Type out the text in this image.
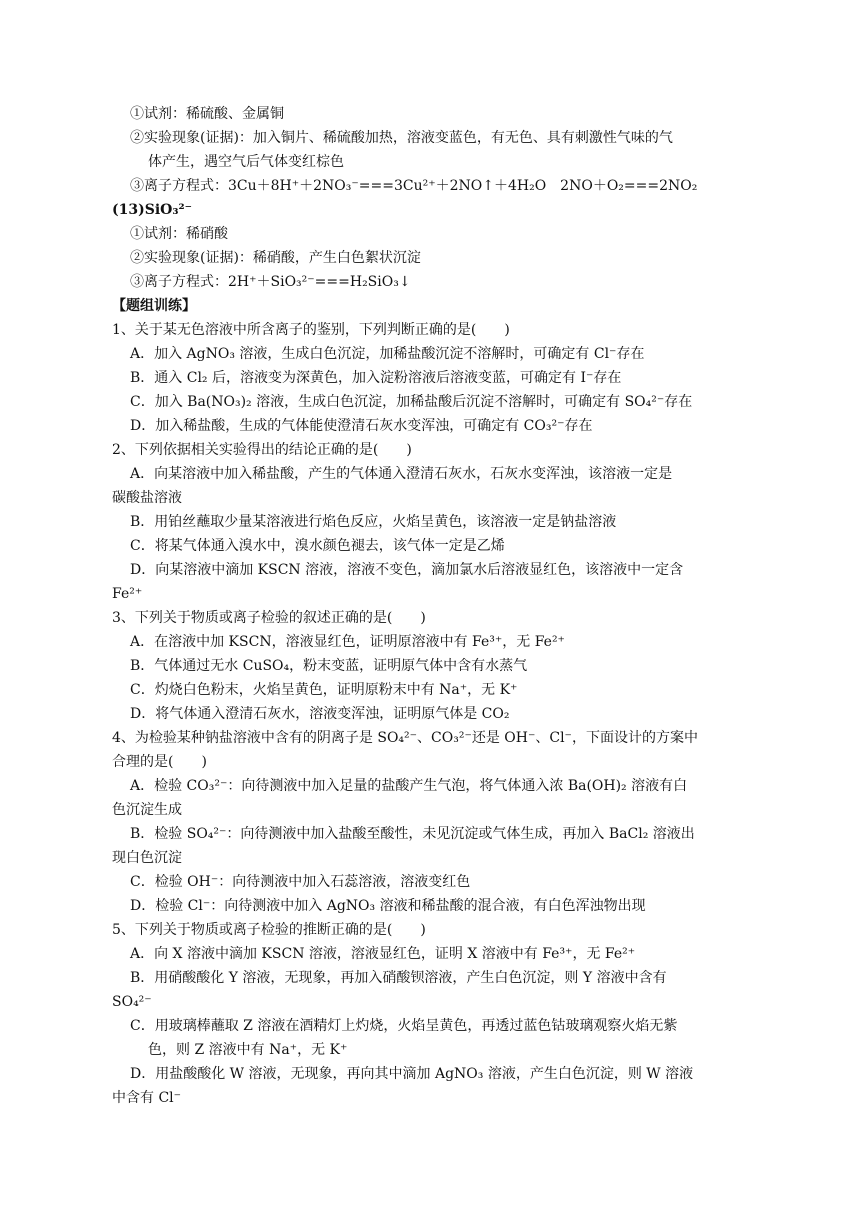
①试剂：稀硫酸、金属铜
②实验现象(证据)：加入铜片、稀硫酸加热，溶液变蓝色，有无色、具有刺激性气味的气
体产生，遇空气后气体变红棕色
③离子方程式：3Cu＋8H⁺＋2NO₃⁻===3Cu²⁺＋2NO↑＋4H₂O　2NO＋O₂===2NO₂
(13)SiO₃²⁻
①试剂：稀硝酸
②实验现象(证据)：稀硝酸，产生白色絮状沉淀
③离子方程式：2H⁺＋SiO₃²⁻===H₂SiO₃↓
【题组训练】
1、关于某无色溶液中所含离子的鉴别，下列判断正确的是(　　)
A．加入 AgNO₃ 溶液，生成白色沉淀，加稀盐酸沉淀不溶解时，可确定有 Cl⁻存在
B．通入 Cl₂ 后，溶液变为深黄色，加入淀粉溶液后溶液变蓝，可确定有 I⁻存在
C．加入 Ba(NO₃)₂ 溶液，生成白色沉淀，加稀盐酸后沉淀不溶解时，可确定有 SO₄²⁻存在
D．加入稀盐酸，生成的气体能使澄清石灰水变浑浊，可确定有 CO₃²⁻存在
2、下列依据相关实验得出的结论正确的是(　　)
A．向某溶液中加入稀盐酸，产生的气体通入澄清石灰水，石灰水变浑浊，该溶液一定是
碳酸盐溶液
B．用铂丝蘸取少量某溶液进行焰色反应，火焰呈黄色，该溶液一定是钠盐溶液
C．将某气体通入溴水中，溴水颜色褪去，该气体一定是乙烯
D．向某溶液中滴加 KSCN 溶液，溶液不变色，滴加氯水后溶液显红色，该溶液中一定含
Fe²⁺
3、下列关于物质或离子检验的叙述正确的是(　　)
A．在溶液中加 KSCN，溶液显红色，证明原溶液中有 Fe³⁺，无 Fe²⁺
B．气体通过无水 CuSO₄，粉末变蓝，证明原气体中含有水蒸气
C．灼烧白色粉末，火焰呈黄色，证明原粉末中有 Na⁺，无 K⁺
D．将气体通入澄清石灰水，溶液变浑浊，证明原气体是 CO₂
4、为检验某种钠盐溶液中含有的阴离子是 SO₄²⁻、CO₃²⁻还是 OH⁻、Cl⁻，下面设计的方案中
合理的是(　　)
A．检验 CO₃²⁻：向待测液中加入足量的盐酸产生气泡，将气体通入浓 Ba(OH)₂ 溶液有白
色沉淀生成
B．检验 SO₄²⁻：向待测液中加入盐酸至酸性，未见沉淀或气体生成，再加入 BaCl₂ 溶液出
现白色沉淀
C．检验 OH⁻：向待测液中加入石蕊溶液，溶液变红色
D．检验 Cl⁻：向待测液中加入 AgNO₃ 溶液和稀盐酸的混合液，有白色浑浊物出现
5、下列关于物质或离子检验的推断正确的是(　　)
A．向 X 溶液中滴加 KSCN 溶液，溶液显红色，证明 X 溶液中有 Fe³⁺，无 Fe²⁺
B．用硝酸酸化 Y 溶液，无现象，再加入硝酸钡溶液，产生白色沉淀，则 Y 溶液中含有
SO₄²⁻
C．用玻璃棒蘸取 Z 溶液在酒精灯上灼烧，火焰呈黄色，再透过蓝色钴玻璃观察火焰无紫
色，则 Z 溶液中有 Na⁺，无 K⁺
D．用盐酸酸化 W 溶液，无现象，再向其中滴加 AgNO₃ 溶液，产生白色沉淀，则 W 溶液
中含有 Cl⁻
